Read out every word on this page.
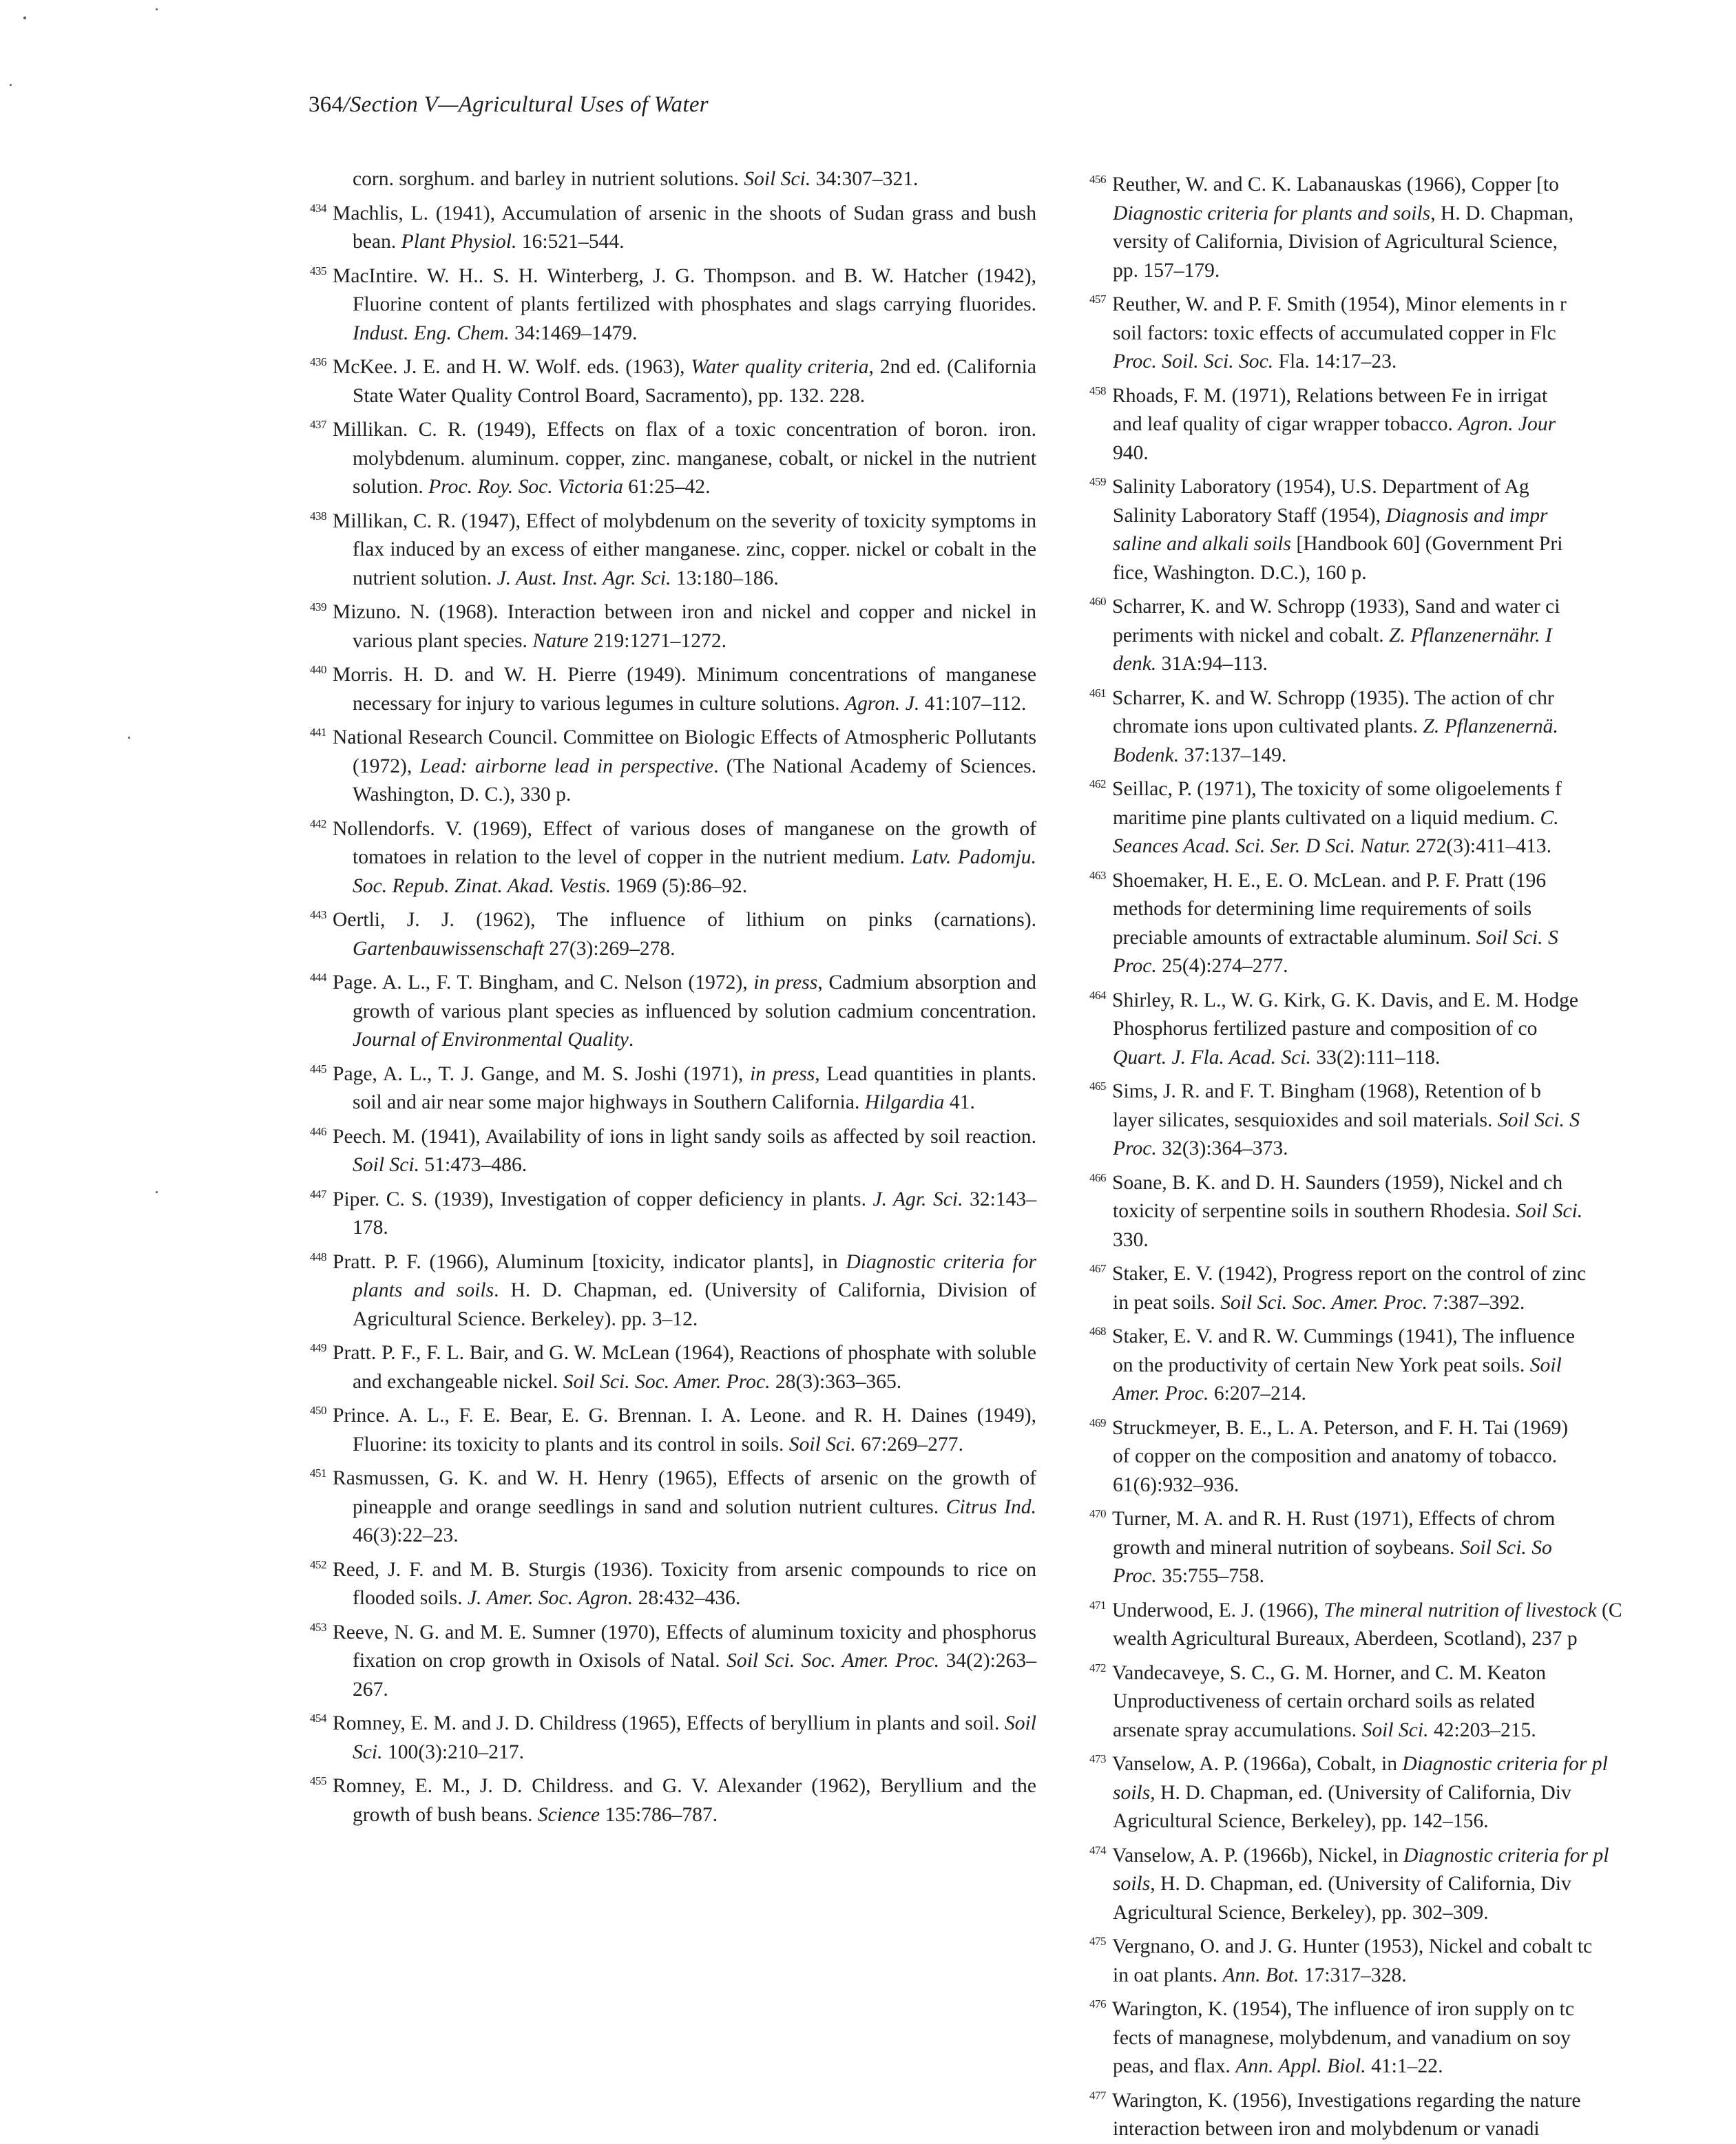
364/Section V—Agricultural Uses of Water
corn. sorghum. and barley in nutrient solutions. Soil Sci. 34:307–321.
434 Machlis, L. (1941), Accumulation of arsenic in the shoots of Sudan grass and bush bean. Plant Physiol. 16:521–544.
435 MacIntire. W. H.. S. H. Winterberg, J. G. Thompson. and B. W. Hatcher (1942), Fluorine content of plants fertilized with phosphates and slags carrying fluorides. Indust. Eng. Chem. 34:1469–1479.
436 McKee. J. E. and H. W. Wolf. eds. (1963), Water quality criteria, 2nd ed. (California State Water Quality Control Board, Sacramento), pp. 132. 228.
437 Millikan. C. R. (1949), Effects on flax of a toxic concentration of boron. iron. molybdenum. aluminum. copper, zinc. manganese, cobalt, or nickel in the nutrient solution. Proc. Roy. Soc. Victoria 61:25–42.
438 Millikan, C. R. (1947), Effect of molybdenum on the severity of toxicity symptoms in flax induced by an excess of either manganese. zinc, copper. nickel or cobalt in the nutrient solution. J. Aust. Inst. Agr. Sci. 13:180–186.
439 Mizuno. N. (1968). Interaction between iron and nickel and copper and nickel in various plant species. Nature 219:1271–1272.
440 Morris. H. D. and W. H. Pierre (1949). Minimum concentrations of manganese necessary for injury to various legumes in culture solutions. Agron. J. 41:107–112.
441 National Research Council. Committee on Biologic Effects of Atmospheric Pollutants (1972), Lead: airborne lead in perspective. (The National Academy of Sciences. Washington, D. C.), 330 p.
442 Nollendorfs. V. (1969), Effect of various doses of manganese on the growth of tomatoes in relation to the level of copper in the nutrient medium. Latv. Padomju. Soc. Repub. Zinat. Akad. Vestis. 1969 (5):86–92.
443 Oertli, J. J. (1962), The influence of lithium on pinks (carnations). Gartenbauwissenschaft 27(3):269–278.
444 Page. A. L., F. T. Bingham, and C. Nelson (1972), in press, Cadmium absorption and growth of various plant species as influenced by solution cadmium concentration. Journal of Environmental Quality.
445 Page, A. L., T. J. Gange, and M. S. Joshi (1971), in press, Lead quantities in plants. soil and air near some major highways in Southern California. Hilgardia 41.
446 Peech. M. (1941), Availability of ions in light sandy soils as affected by soil reaction. Soil Sci. 51:473–486.
447 Piper. C. S. (1939), Investigation of copper deficiency in plants. J. Agr. Sci. 32:143–178.
448 Pratt. P. F. (1966), Aluminum [toxicity, indicator plants], in Diagnostic criteria for plants and soils. H. D. Chapman, ed. (University of California, Division of Agricultural Science. Berkeley). pp. 3–12.
449 Pratt. P. F., F. L. Bair, and G. W. McLean (1964), Reactions of phosphate with soluble and exchangeable nickel. Soil Sci. Soc. Amer. Proc. 28(3):363–365.
450 Prince. A. L., F. E. Bear, E. G. Brennan. I. A. Leone. and R. H. Daines (1949), Fluorine: its toxicity to plants and its control in soils. Soil Sci. 67:269–277.
451 Rasmussen, G. K. and W. H. Henry (1965), Effects of arsenic on the growth of pineapple and orange seedlings in sand and solution nutrient cultures. Citrus Ind. 46(3):22–23.
452 Reed, J. F. and M. B. Sturgis (1936). Toxicity from arsenic compounds to rice on flooded soils. J. Amer. Soc. Agron. 28:432–436.
453 Reeve, N. G. and M. E. Sumner (1970), Effects of aluminum toxicity and phosphorus fixation on crop growth in Oxisols of Natal. Soil Sci. Soc. Amer. Proc. 34(2):263–267.
454 Romney, E. M. and J. D. Childress (1965), Effects of beryllium in plants and soil. Soil Sci. 100(3):210–217.
455 Romney, E. M., J. D. Childress. and G. V. Alexander (1962), Beryllium and the growth of bush beans. Science 135:786–787.
456 Reuther, W. and C. K. Labanauskas (1966), Copper [to
Diagnostic criteria for plants and soils, H. D. Chapman,
versity of California, Division of Agricultural Science,
pp. 157–179.
457 Reuther, W. and P. F. Smith (1954), Minor elements in r
soil factors: toxic effects of accumulated copper in Flc
Proc. Soil. Sci. Soc. Fla. 14:17–23.
458 Rhoads, F. M. (1971), Relations between Fe in irrigat
and leaf quality of cigar wrapper tobacco. Agron. Jour
940.
459 Salinity Laboratory (1954), U.S. Department of Ag
Salinity Laboratory Staff (1954), Diagnosis and impr
saline and alkali soils [Handbook 60] (Government Pri
fice, Washington. D.C.), 160 p.
460 Scharrer, K. and W. Schropp (1933), Sand and water ci
periments with nickel and cobalt. Z. Pflanzenernähr. I
denk. 31A:94–113.
461 Scharrer, K. and W. Schropp (1935). The action of chr
chromate ions upon cultivated plants. Z. Pflanzenernä.
Bodenk. 37:137–149.
462 Seillac, P. (1971), The toxicity of some oligoelements f
maritime pine plants cultivated on a liquid medium. C.
Seances Acad. Sci. Ser. D Sci. Natur. 272(3):411–413.
463 Shoemaker, H. E., E. O. McLean. and P. F. Pratt (196
methods for determining lime requirements of soils
preciable amounts of extractable aluminum. Soil Sci. S
Proc. 25(4):274–277.
464 Shirley, R. L., W. G. Kirk, G. K. Davis, and E. M. Hodge
Phosphorus fertilized pasture and composition of co
Quart. J. Fla. Acad. Sci. 33(2):111–118.
465 Sims, J. R. and F. T. Bingham (1968), Retention of b
layer silicates, sesquioxides and soil materials. Soil Sci. S
Proc. 32(3):364–373.
466 Soane, B. K. and D. H. Saunders (1959), Nickel and ch
toxicity of serpentine soils in southern Rhodesia. Soil Sci.
330.
467 Staker, E. V. (1942), Progress report on the control of zinc
in peat soils. Soil Sci. Soc. Amer. Proc. 7:387–392.
468 Staker, E. V. and R. W. Cummings (1941), The influence
on the productivity of certain New York peat soils. Soil
Amer. Proc. 6:207–214.
469 Struckmeyer, B. E., L. A. Peterson, and F. H. Tai (1969)
of copper on the composition and anatomy of tobacco.
61(6):932–936.
470 Turner, M. A. and R. H. Rust (1971), Effects of chrom
growth and mineral nutrition of soybeans. Soil Sci. So
Proc. 35:755–758.
471 Underwood, E. J. (1966), The mineral nutrition of livestock (C
wealth Agricultural Bureaux, Aberdeen, Scotland), 237 p
472 Vandecaveye, S. C., G. M. Horner, and C. M. Keaton
Unproductiveness of certain orchard soils as related
arsenate spray accumulations. Soil Sci. 42:203–215.
473 Vanselow, A. P. (1966a), Cobalt, in Diagnostic criteria for pl
soils, H. D. Chapman, ed. (University of California, Div
Agricultural Science, Berkeley), pp. 142–156.
474 Vanselow, A. P. (1966b), Nickel, in Diagnostic criteria for pl
soils, H. D. Chapman, ed. (University of California, Div
Agricultural Science, Berkeley), pp. 302–309.
475 Vergnano, O. and J. G. Hunter (1953), Nickel and cobalt tc
in oat plants. Ann. Bot. 17:317–328.
476 Warington, K. (1954), The influence of iron supply on tc
fects of managnese, molybdenum, and vanadium on soy
peas, and flax. Ann. Appl. Biol. 41:1–22.
477 Warington, K. (1956), Investigations regarding the nature
interaction between iron and molybdenum or vanadi
